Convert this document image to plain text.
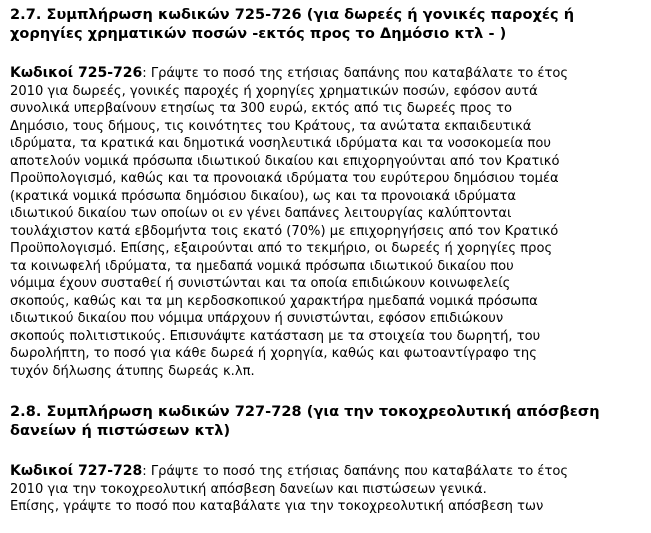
2.7. Συμπλήρωση κωδικών 725-726 (για δωρεές ή γονικές παροχές ή
χορηγίες χρηματικών ποσών -εκτός προς το Δημόσιο κτλ - )

Κωδικοί 725-726: Γράψτε το ποσό της ετήσιας δαπάνης που καταβάλατε το έτος
2010 για δωρεές, γονικές παροχές ή χορηγίες χρηματικών ποσών, εφόσον αυτά
συνολικά υπερβαίνουν ετησίως τα 300 ευρώ, εκτός από τις δωρεές προς το
Δημόσιο, τους δήμους, τις κοινότητες του Κράτους, τα ανώτατα εκπαιδευτικά
ιδρύματα, τα κρατικά και δημοτικά νοσηλευτικά ιδρύματα και τα νοσοκομεία που
αποτελούν νομικά πρόσωπα ιδιωτικού δικαίου και επιχορηγούνται από τον Κρατικό
Προϋπολογισμό, καθώς και τα προνοιακά ιδρύματα του ευρύτερου δημόσιου τομέα
(κρατικά νομικά πρόσωπα δημόσιου δικαίου), ως και τα προνοιακά ιδρύματα
ιδιωτικού δικαίου των οποίων οι εν γένει δαπάνες λειτουργίας καλύπτονται
τουλάχιστον κατά εβδομήντα τοις εκατό (70%) με επιχορηγήσεις από τον Κρατικό
Προϋπολογισμό. Επίσης, εξαιρούνται από το τεκμήριο, οι δωρεές ή χορηγίες προς
τα κοινωφελή ιδρύματα, τα ημεδαπά νομικά πρόσωπα ιδιωτικού δικαίου που
νόμιμα έχουν συσταθεί ή συνιστώνται και τα οποία επιδιώκουν κοινωφελείς
σκοπούς, καθώς και τα μη κερδοσκοπικού χαρακτήρα ημεδαπά νομικά πρόσωπα
ιδιωτικού δικαίου που νόμιμα υπάρχουν ή συνιστώνται, εφόσον επιδιώκουν
σκοπούς πολιτιστικούς. Επισυνάψτε κατάσταση με τα στοιχεία του δωρητή, του
δωρολήπτη, το ποσό για κάθε δωρεά ή χορηγία, καθώς και φωτοαντίγραφο της
τυχόν δήλωσης άτυπης δωρεάς κ.λπ.

2.8. Συμπλήρωση κωδικών 727-728 (για την τοκοχρεολυτική απόσβεση
δανείων ή πιστώσεων κτλ)

Κωδικοί 727-728: Γράψτε το ποσό της ετήσιας δαπάνης που καταβάλατε το έτος
2010 για την τοκοχρεολυτική απόσβεση δανείων και πιστώσεων γενικά.
Επίσης, γράψτε το ποσό που καταβάλατε για την τοκοχρεολυτική απόσβεση των
